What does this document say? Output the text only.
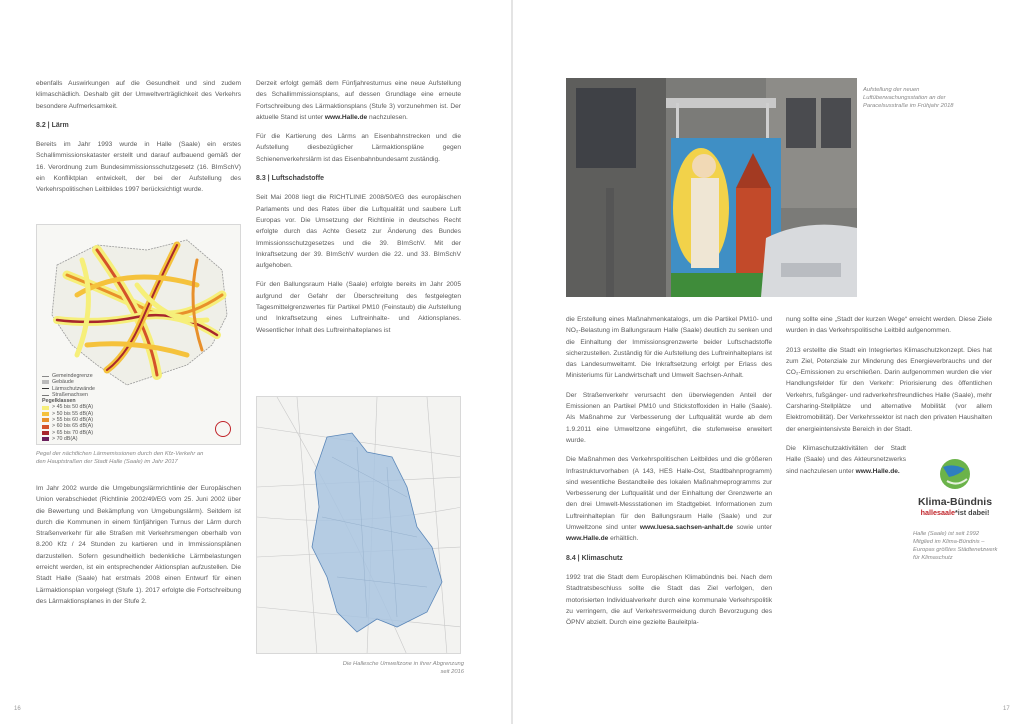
ebenfalls Auswirkungen auf die Gesundheit und sind zudem klimaschädlich. Deshalb gilt der Umweltverträglichkeit des Verkehrs besondere Aufmerksamkeit.

8.2 | Lärm

Bereits im Jahr 1993 wurde in Halle (Saale) ein erstes Schallimmissionskataster erstellt und darauf aufbauend gemäß der 16. Verordnung zum Bundesimmissionsschutzgesetz (16. BImSchV) ein Konfliktplan entwickelt, der bei der Aufstellung des Verkehrspolitischen Leitbildes 1997 berücksichtigt wurde.

Gemeindegrenze
Gebäude
Lärmschutzwände
Straßenachsen
Pegelklassen
> 45 bis 50 dB(A)
> 50 bis 55 dB(A)
> 55 bis 60 dB(A)
> 60 bis 65 dB(A)
> 65 bis 70 dB(A)
> 70 dB(A)
Pegel der nächtlichen Lärmemissionen durch den Kfz-Verkehr an den Hauptstraßen der Stadt Halle (Saale) im Jahr 2017

Im Jahr 2002 wurde die Umgebungslärmrichtlinie der Europäischen Union verabschiedet (Richtlinie 2002/49/EG vom 25. Juni 2002 über die Bewertung und Bekämpfung von Umgebungslärm). Seitdem ist durch die Kommunen in einem fünfjährigen Turnus der Lärm durch Straßenverkehr für alle Straßen mit Verkehrsmengen oberhalb von 8.200 Kfz / 24 Stunden zu kartieren und in Immissionsplänen darzustellen. Sofern gesundheitlich bedenkliche Lärmbelastungen erreicht werden, ist ein entsprechender Aktionsplan aufzustellen. Die Stadt Halle (Saale) hat erstmals 2008 einen Entwurf für einen Lärmaktionsplan vorgelegt (Stufe 1). 2017 erfolgte die Fortschreibung des Lärmaktionsplanes in der Stufe 2.

Derzeit erfolgt gemäß dem Fünfjahresturnus eine neue Aufstellung des Schallimmissionsplans, auf dessen Grundlage eine erneute Fortschreibung des Lärmaktionsplans (Stufe 3) vorzunehmen ist. Der aktuelle Stand ist unter www.Halle.de nachzulesen.

Für die Kartierung des Lärms an Eisenbahnstrecken und die Aufstellung diesbezüglicher Lärmaktionspläne gegen Schienenverkehrslärm ist das Eisenbahnbundesamt zuständig.

8.3 | Luftschadstoffe

Seit Mai 2008 liegt die RICHTLINIE 2008/50/EG des europäischen Parlaments und des Rates über die Luftqualität und saubere Luft Europas vor. Die Umsetzung der Richtlinie in deutsches Recht erfolgte durch das Achte Gesetz zur Änderung des Bundes Immissionsschutzgesetzes und die 39. BImSchV. Mit der Inkraftsetzung der 39. BImSchV wurden die 22. und 33. BImSchV aufgehoben.

Für den Ballungsraum Halle (Saale) erfolgte bereits im Jahr 2005 aufgrund der Gefahr der Überschreitung des festgelegten Tagesmittelgrenzwertes für Partikel PM10 (Feinstaub) die Aufstellung und Inkraftsetzung eines Luftreinhalte- und Aktionsplanes. Wesentlicher Inhalt des Luftreinhalteplanes ist

Die Hallesche Umweltzone in ihrer Abgrenzung seit 2016
16
Aufstellung der neuen Luftüberwachungsstation an der Paracelsusstraße im Frühjahr 2018

die Erstellung eines Maßnahmenkatalogs, um die Partikel PM10- und NO₂-Belastung im Ballungsraum Halle (Saale) deutlich zu senken und die Einhaltung der Immissionsgrenzwerte beider Luftschadstoffe sicherzustellen. Zuständig für die Aufstellung des Luftreinhalteplans ist das Landesumweltamt. Die Inkraftsetzung erfolgt per Erlass des Ministeriums für Landwirtschaft und Umwelt Sachsen-Anhalt.

Der Straßenverkehr verursacht den überwiegenden Anteil der Emissionen an Partikel PM10 und Stickstoffoxiden in Halle (Saale). Als Maßnahme zur Verbesserung der Luftqualität wurde ab dem 1.9.2011 eine Umweltzone eingeführt, die stufenweise erweitert wurde.

Die Maßnahmen des Verkehrspolitischen Leitbildes und die größeren Infrastrukturvorhaben (A 143, HES Halle-Ost, Stadtbahnprogramm) sind wesentliche Bestandteile des lokalen Maßnahmeprogramms zur Verbesserung der Luftqualität und der Einhaltung der Grenzwerte an den drei Umwelt-Messstationen im Stadtgebiet. Informationen zum Luftreinhalteplan für den Ballungsraum Halle (Saale) und zur Umweltzone sind unter www.luesa.sachsen-anhalt.de sowie unter www.Halle.de erhältlich.

8.4 | Klimaschutz

1992 trat die Stadt dem Europäischen Klimabündnis bei. Nach dem Stadtratsbeschluss sollte die Stadt das Ziel verfolgen, den motorisierten Individualverkehr durch eine kommunale Verkehrspolitik zu verringern, die auf Verkehrsvermeidung durch Bevorzugung des ÖPNV abzielt. Durch eine gezielte Bauleitpla-

nung sollte eine „Stadt der kurzen Wege“ erreicht werden. Diese Ziele wurden in das Verkehrspolitische Leitbild aufgenommen.

2013 erstellte die Stadt ein Integriertes Klimaschutzkonzept. Dies hat zum Ziel, Potenziale zur Minderung des Energieverbrauchs und der CO₂-Emissionen zu erschließen. Darin aufgenommen wurden die vier Handlungsfelder für den Verkehr: Priorisierung des öffentlichen Verkehrs, fußgänger- und radverkehrsfreundliches Halle (Saale), mehr Carsharing-Stellplätze und alternative Mobilität (vor allem Elektromobilität). Der Verkehrssektor ist nach den privaten Haushalten der energieintensivste Bereich in der Stadt.

Die Klimaschutzaktivitäten der Stadt Halle (Saale) und des Akteursnetzwerks sind nachzulesen unter www.Halle.de.

Klima-Bündnis
hallesaale*ist dabei!
Halle (Saale) ist seit 1992 Mitglied im Klima-Bündnis – Europas größtes Städtenetzwerk für Klimaschutz
17
